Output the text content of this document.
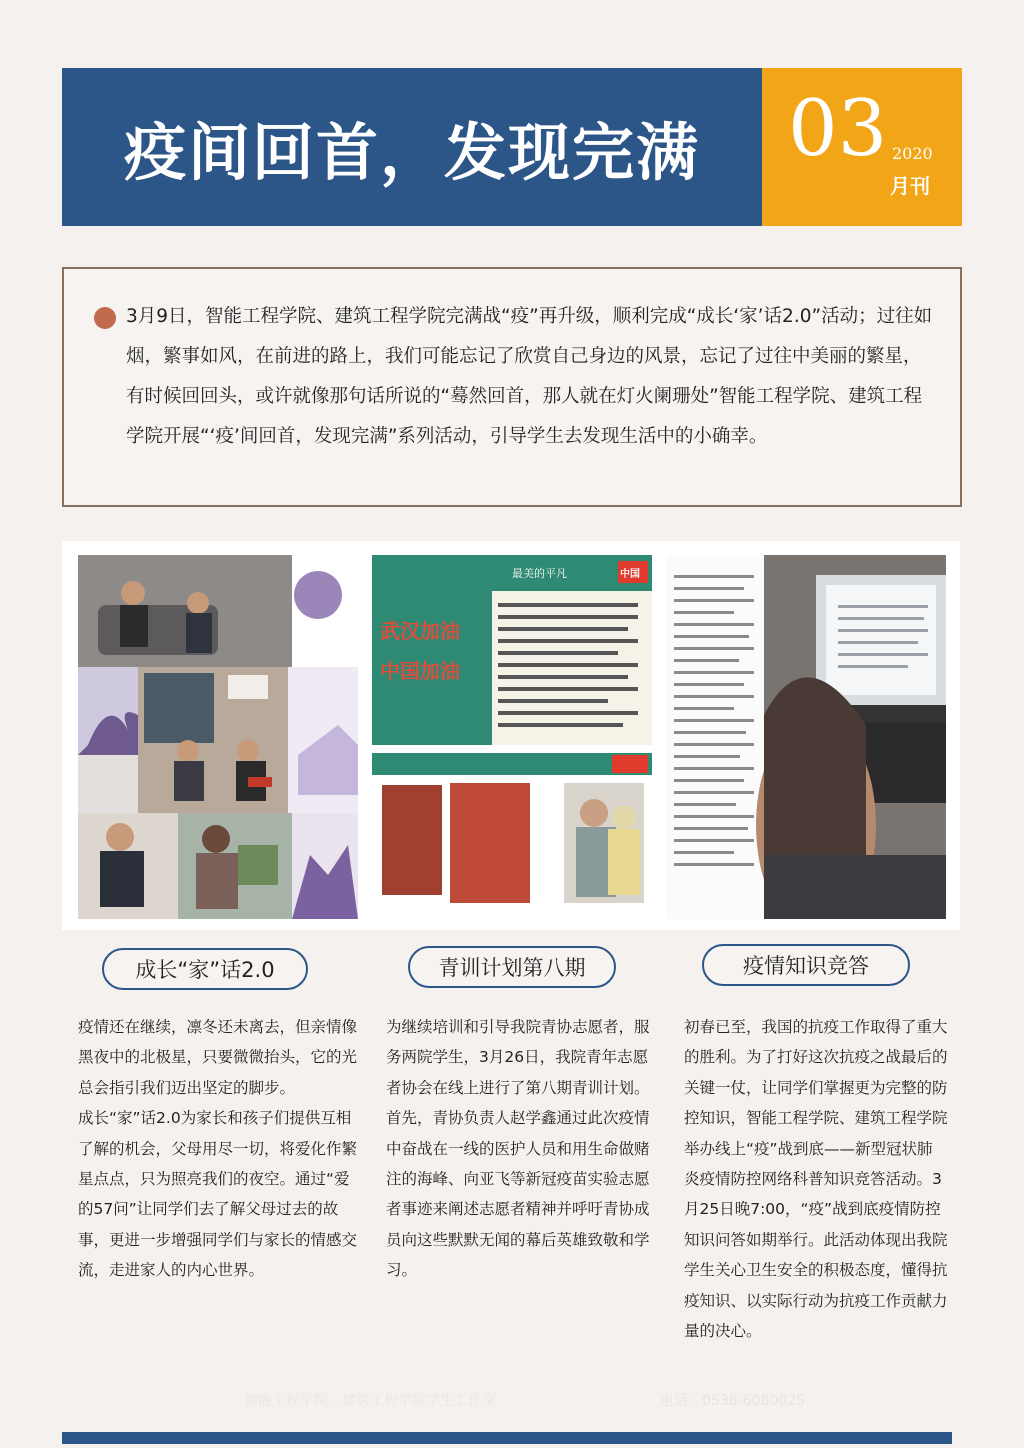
疫间回首，发现完满 03 2020
月刊
3月9日，智能工程学院、建筑工程学院完满战“疫”再升级，顺利完成“成长‘家’话2.0”活动；过往如烟，繁事如风，在前进的路上，我们可能忘记了欣赏自己身边的风景，忘记了过往中美丽的繁星，有时候回回头，或许就像那句话所说的“蓦然回首，那人就在灯火阑珊处”智能工程学院、建筑工程学院开展“‘疫’间回首，发现完满”系列活动，引导学生去发现生活中的小确幸。
武汉加油
中国加油
最美的平凡	中国
成长“家”话2.0	青训计划第八期	疫情知识竞答

疫情还在继续，凛冬还未离去，但亲情像黑夜中的北极星，只要微微抬头，它的光总会指引我们迈出坚定的脚步。

成长“家”话2.0为家长和孩子们提供互相了解的机会，父母用尽一切，将爱化作繁星点点，只为照亮我们的夜空。通过“爱的57问”让同学们去了解父母过去的故事，更进一步增强同学们与家长的情感交流，走进家人的内心世界。

为继续培训和引导我院青协志愿者，服务两院学生，3月26日，我院青年志愿者协会在线上进行了第八期青训计划。首先，青协负责人赵学鑫通过此次疫情中奋战在一线的医护人员和用生命做赌注的海峰、向亚飞等新冠疫苗实验志愿者事迹来阐述志愿者精神并呼吁青协成员向这些默默无闻的幕后英雄致敬和学习。

初春已至，我国的抗疫工作取得了重大的胜利。为了打好这次抗疫之战最后的关键一仗，让同学们掌握更为完整的防控知识，智能工程学院、建筑工程学院举办线上“疫”战到底——新型冠状肺炎疫情防控网络科普知识竞答活动。3月25日晚7:00，“疫”战到底疫情防控知识问答如期举行。此活动体现出我院学生关心卫生安全的积极态度，懂得抗疫知识、以实际行动为抗疫工作贡献力量的决心。

智能工程学院、建筑工程学院学生工作室	电话：0538-6080025
